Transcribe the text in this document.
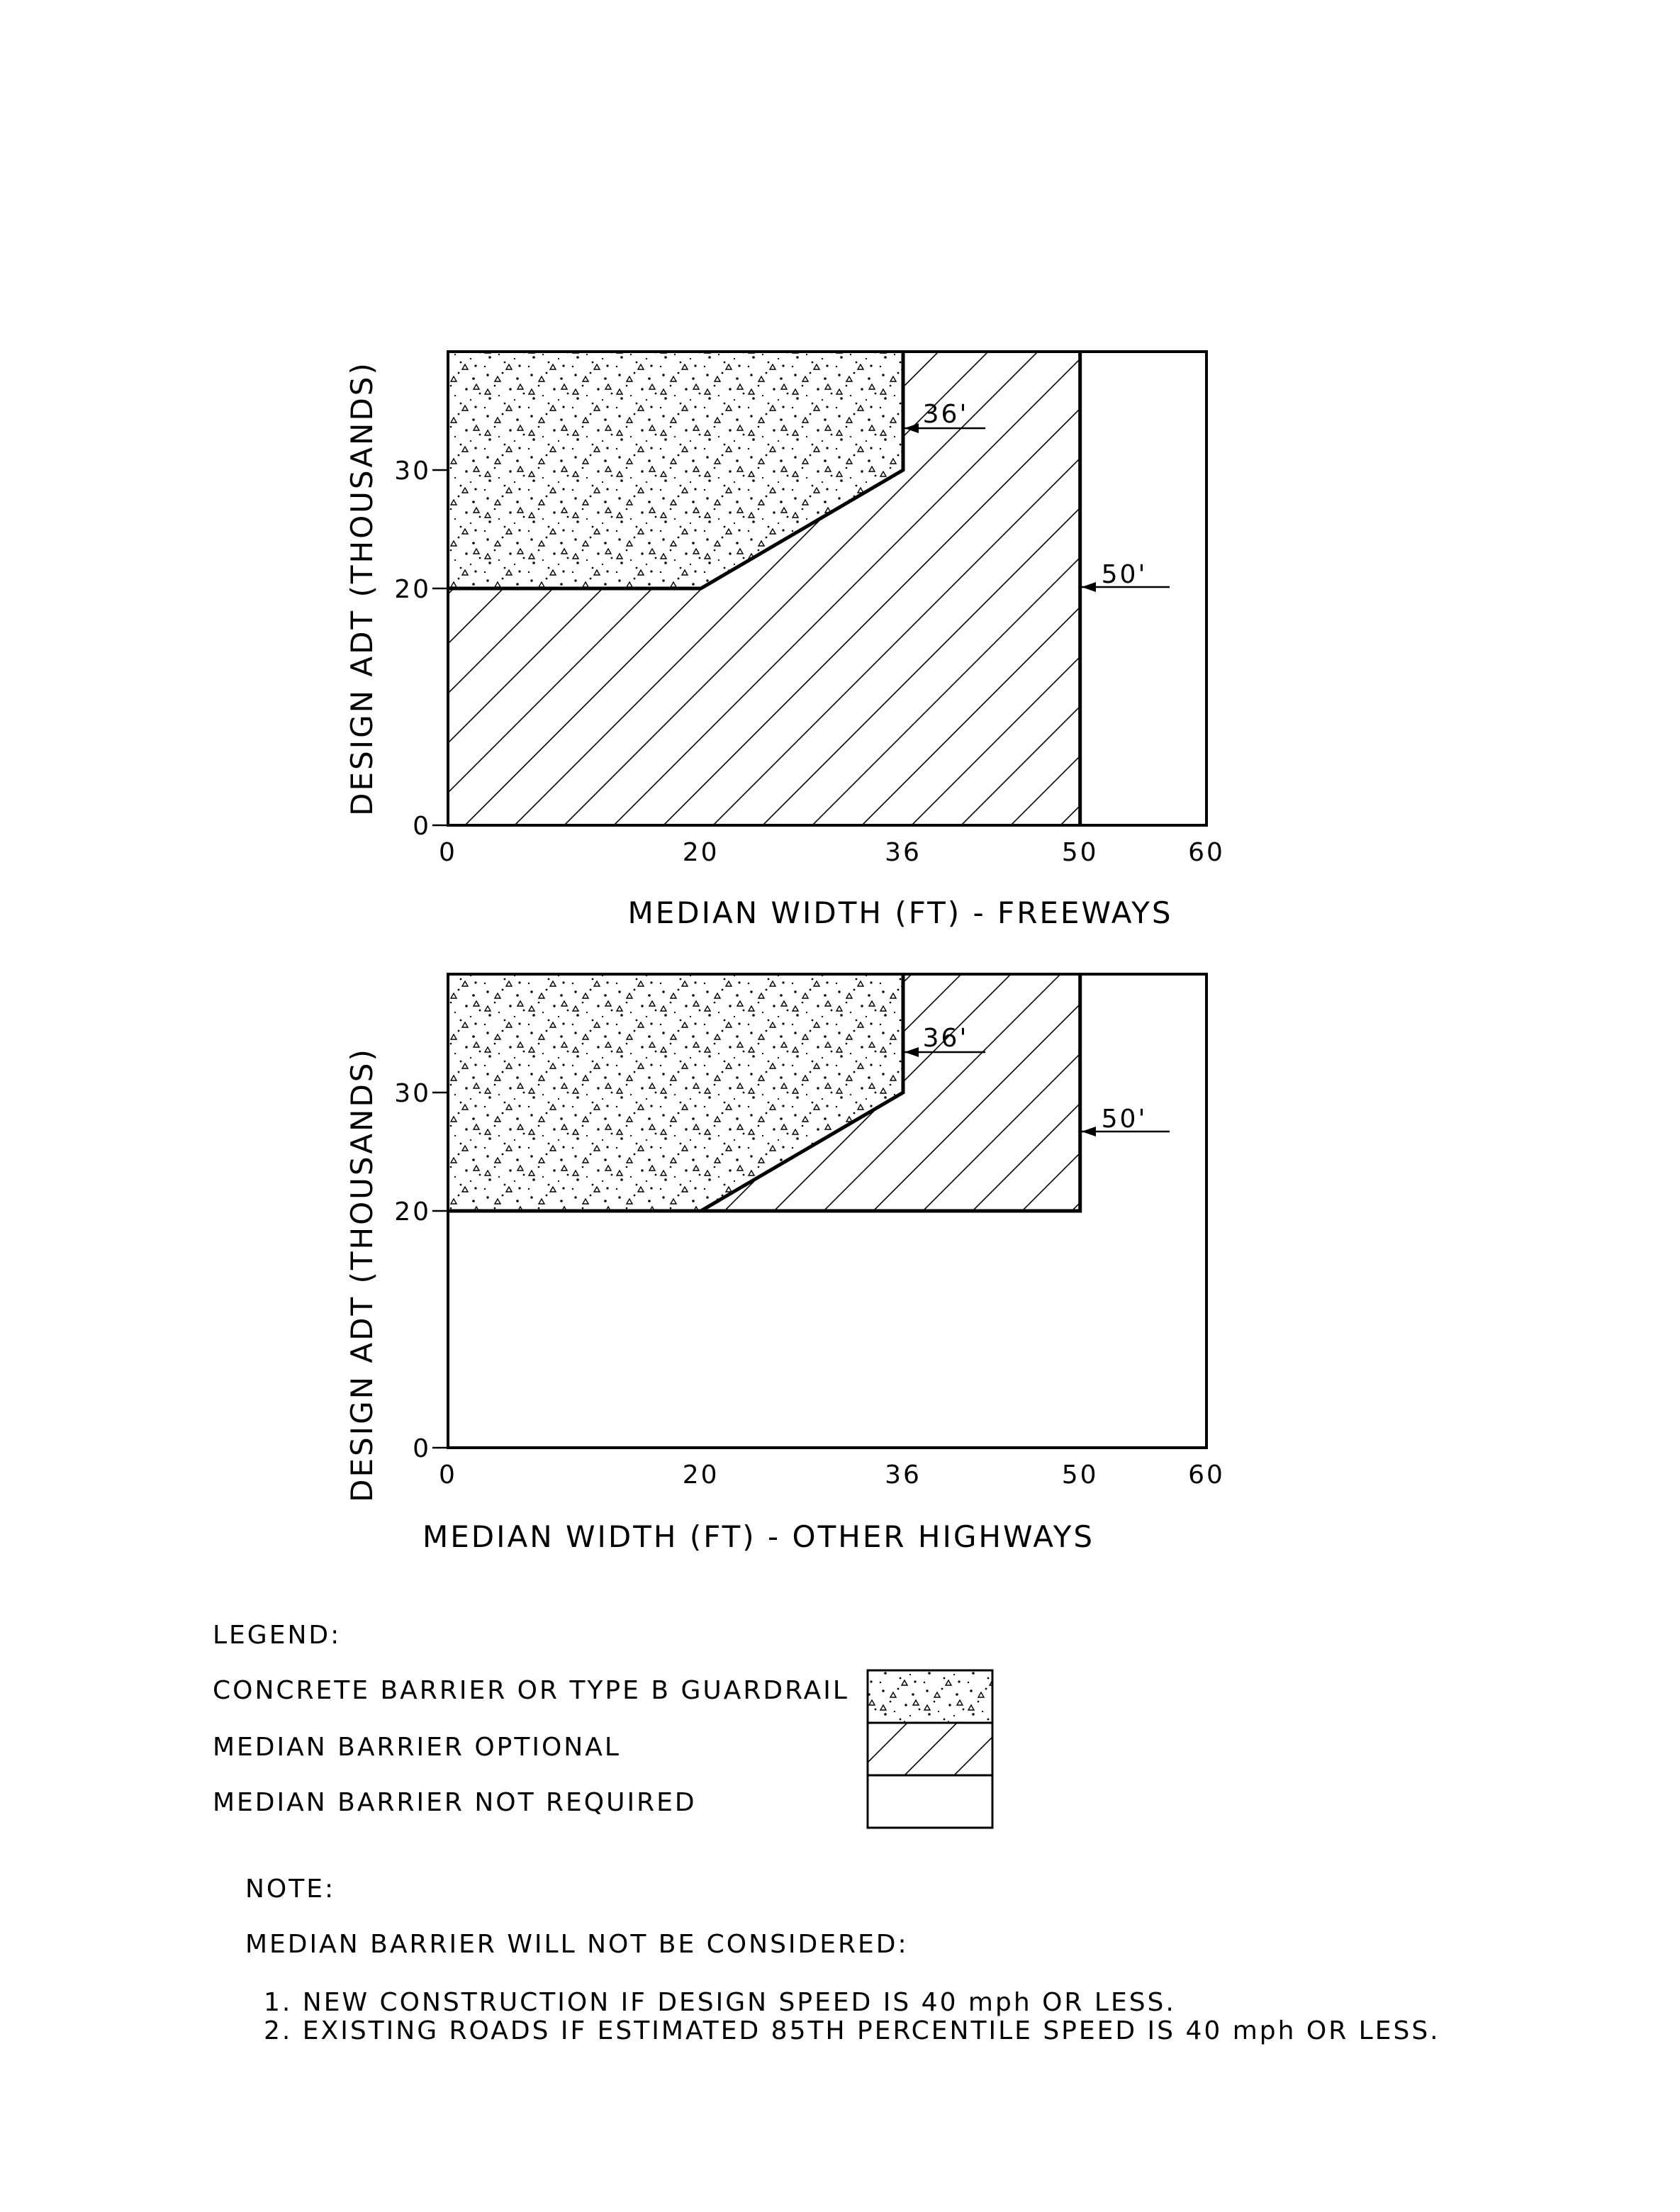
0	20	36	50	60
0
20
30
MEDIAN WIDTH (FT) - FREEWAYS
DESIGN ADT (THOUSANDS)	36'
50'
0	20	36	50	60
0
20
30
MEDIAN WIDTH (FT) - OTHER HIGHWAYS
DESIGN ADT (THOUSANDS)
36'
50'
LEGEND:
CONCRETE BARRIER OR TYPE B GUARDRAIL
MEDIAN BARRIER OPTIONAL
MEDIAN BARRIER NOT REQUIRED
NOTE:
MEDIAN BARRIER WILL NOT BE CONSIDERED:
1. NEW CONSTRUCTION IF DESIGN SPEED IS 40 mph OR LESS.
2. EXISTING ROADS IF ESTIMATED 85TH PERCENTILE SPEED IS 40 mph OR LESS.
